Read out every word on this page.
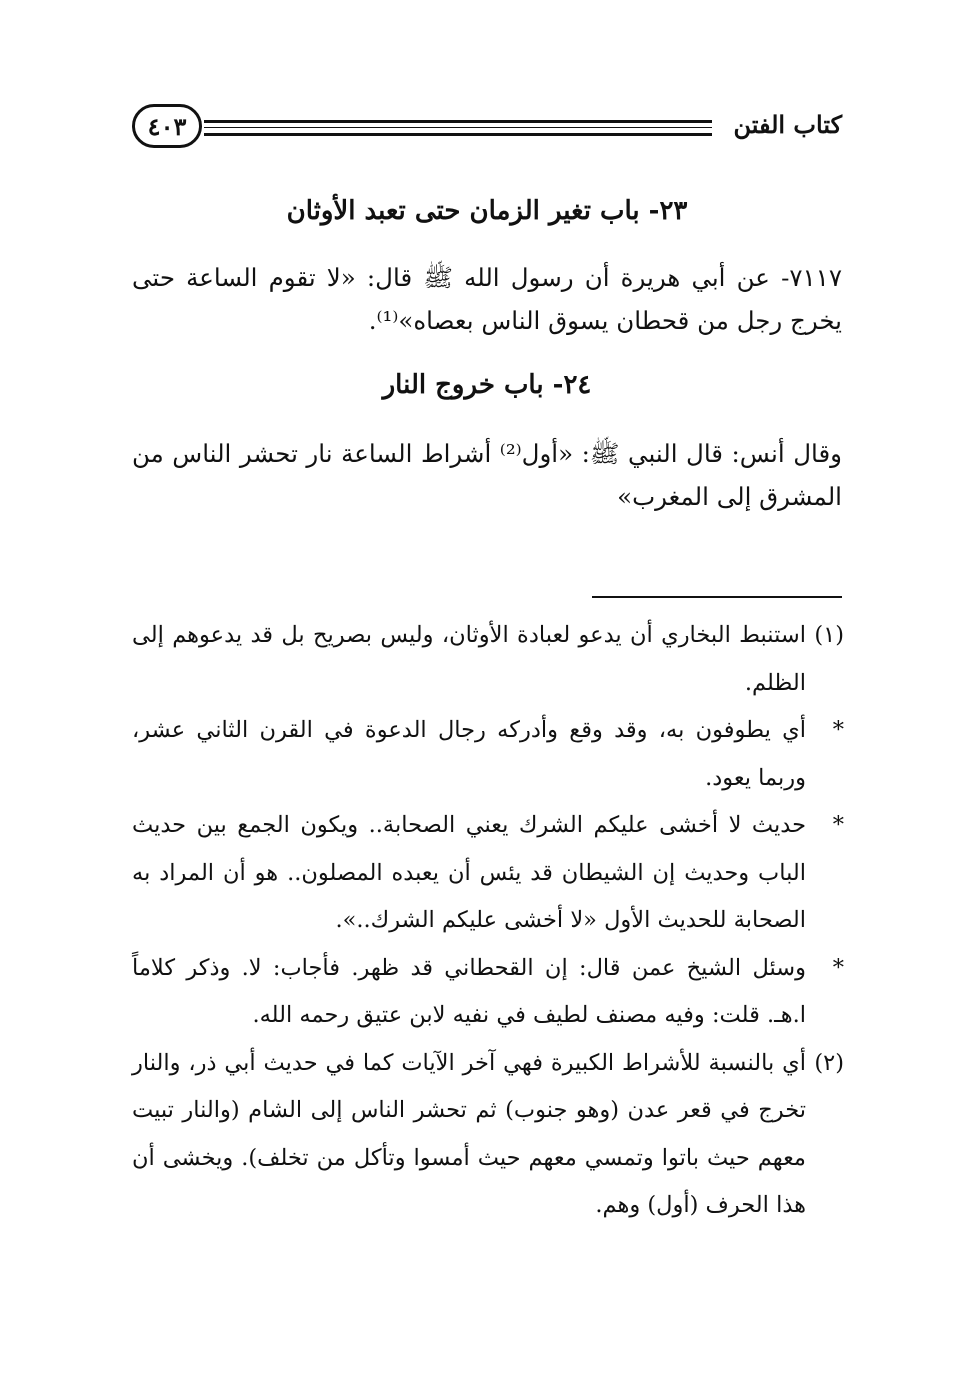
كتاب الفتن
٤٠٣
٢٣- باب تغير الزمان حتى تعبد الأوثان

٧١١٧- عن أبي هريرة أن رسول الله ﷺ قال: «لا تقوم الساعة حتى يخرج رجل من قحطان يسوق الناس بعصاه»⁽¹⁾.

٢٤- باب خروج النار

وقال أنس: قال النبي ﷺ: «أول⁽²⁾ أشراط الساعة نار تحشر الناس من المشرق إلى المغرب»

(١)
استنبط البخاري أن يدعو لعبادة الأوثان، وليس بصريح بل قد يدعوهم إلى الظلم.
*
أي يطوفون به، وقد وقع وأدركه رجال الدعوة في القرن الثاني عشر، وربما يعود.
*
حديث لا أخشى عليكم الشرك يعني الصحابة.. ويكون الجمع بين حديث الباب وحديث إن الشيطان قد يئس أن يعبده المصلون.. هو أن المراد به الصحابة للحديث الأول «لا أخشى عليكم الشرك..».
*
وسئل الشيخ عمن قال: إن القحطاني قد ظهر. فأجاب: لا. وذكر كلاماً ا.هـ. قلت: وفيه مصنف لطيف في نفيه لابن عتيق رحمه الله.
(٢)
أي بالنسبة للأشراط الكبيرة فهي آخر الآيات كما في حديث أبي ذر، والنار تخرج في قعر عدن (وهو جنوب) ثم تحشر الناس إلى الشام (والنار تبيت معهم حيث باتوا وتمسي معهم حيث أمسوا وتأكل من تخلف). ويخشى أن هذا الحرف (أول) وهم.
